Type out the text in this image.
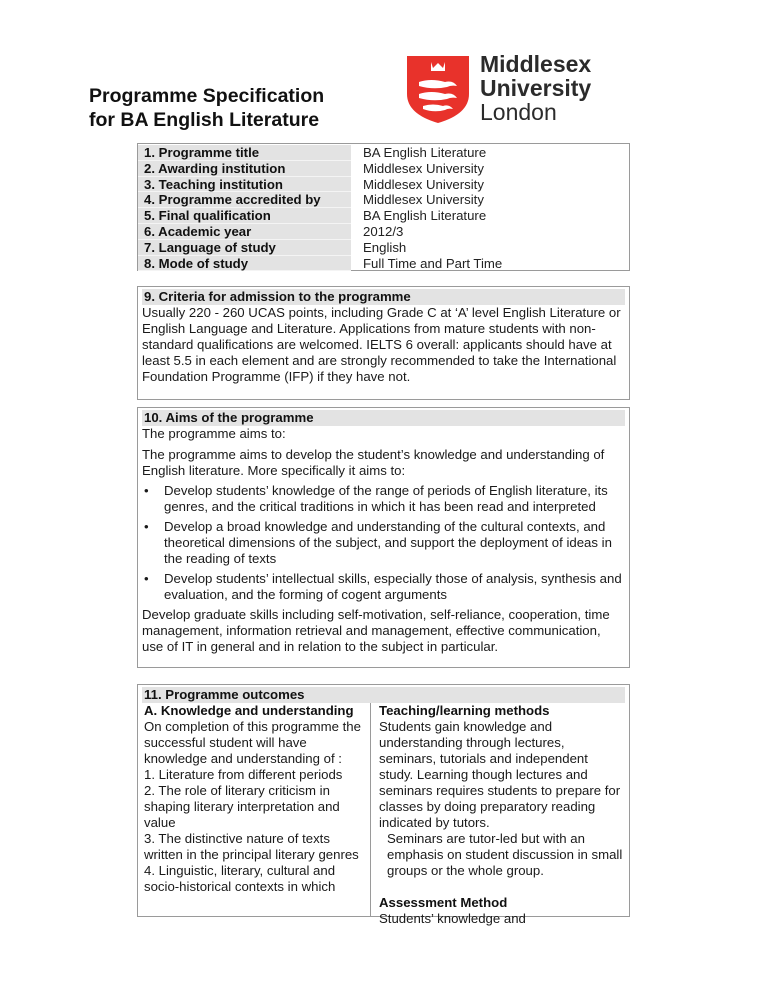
Programme Specification
for BA English Literature
Middlesex
University
London
1. Programme title	BA English Literature
2. Awarding institution	Middlesex University
3. Teaching institution	Middlesex University
4. Programme accredited by	Middlesex University
5. Final qualification	BA English Literature
6. Academic year	2012/3
7. Language of study	English
8. Mode of study	Full Time and Part Time
9. Criteria for admission to the programme

Usually 220 - 260 UCAS points, including Grade C at ‘A’ level English Literature or English Language and Literature. Applications from mature students with non-standard qualifications are welcomed. IELTS 6 overall: applicants should have at least 5.5 in each element and are strongly recommended to take the International Foundation Programme (IFP) if they have not.

10. Aims of the programme

The programme aims to:

The programme aims to develop the student’s knowledge and understanding of English literature. More specifically it aims to:

• Develop students’ knowledge of the range of periods of English literature, its genres, and the critical traditions in which it has been read and interpreted
• Develop a broad knowledge and understanding of the cultural contexts, and theoretical dimensions of the subject, and support the deployment of ideas in the reading of texts
• Develop students’ intellectual skills, especially those of analysis, synthesis and evaluation, and the forming of cogent arguments

Develop graduate skills including self-motivation, self-reliance, cooperation, time management, information retrieval and management, effective communication, use of IT in general and in relation to the subject in particular.

11. Programme outcomes
A. Knowledge and understanding
On completion of this programme the successful student will have knowledge and understanding of :
1. Literature from different periods
2. The role of literary criticism in shaping literary interpretation and value
3. The distinctive nature of texts written in the principal literary genres
4. Linguistic, literary, cultural and socio-historical contexts in which
Teaching/learning methods
Students gain knowledge and understanding through lectures, seminars, tutorials and independent study. Learning though lectures and seminars requires students to prepare for classes by doing preparatory reading indicated by tutors.
Seminars are tutor-led but with an emphasis on student discussion in small groups or the whole group.
Assessment Method
Students’ knowledge and
